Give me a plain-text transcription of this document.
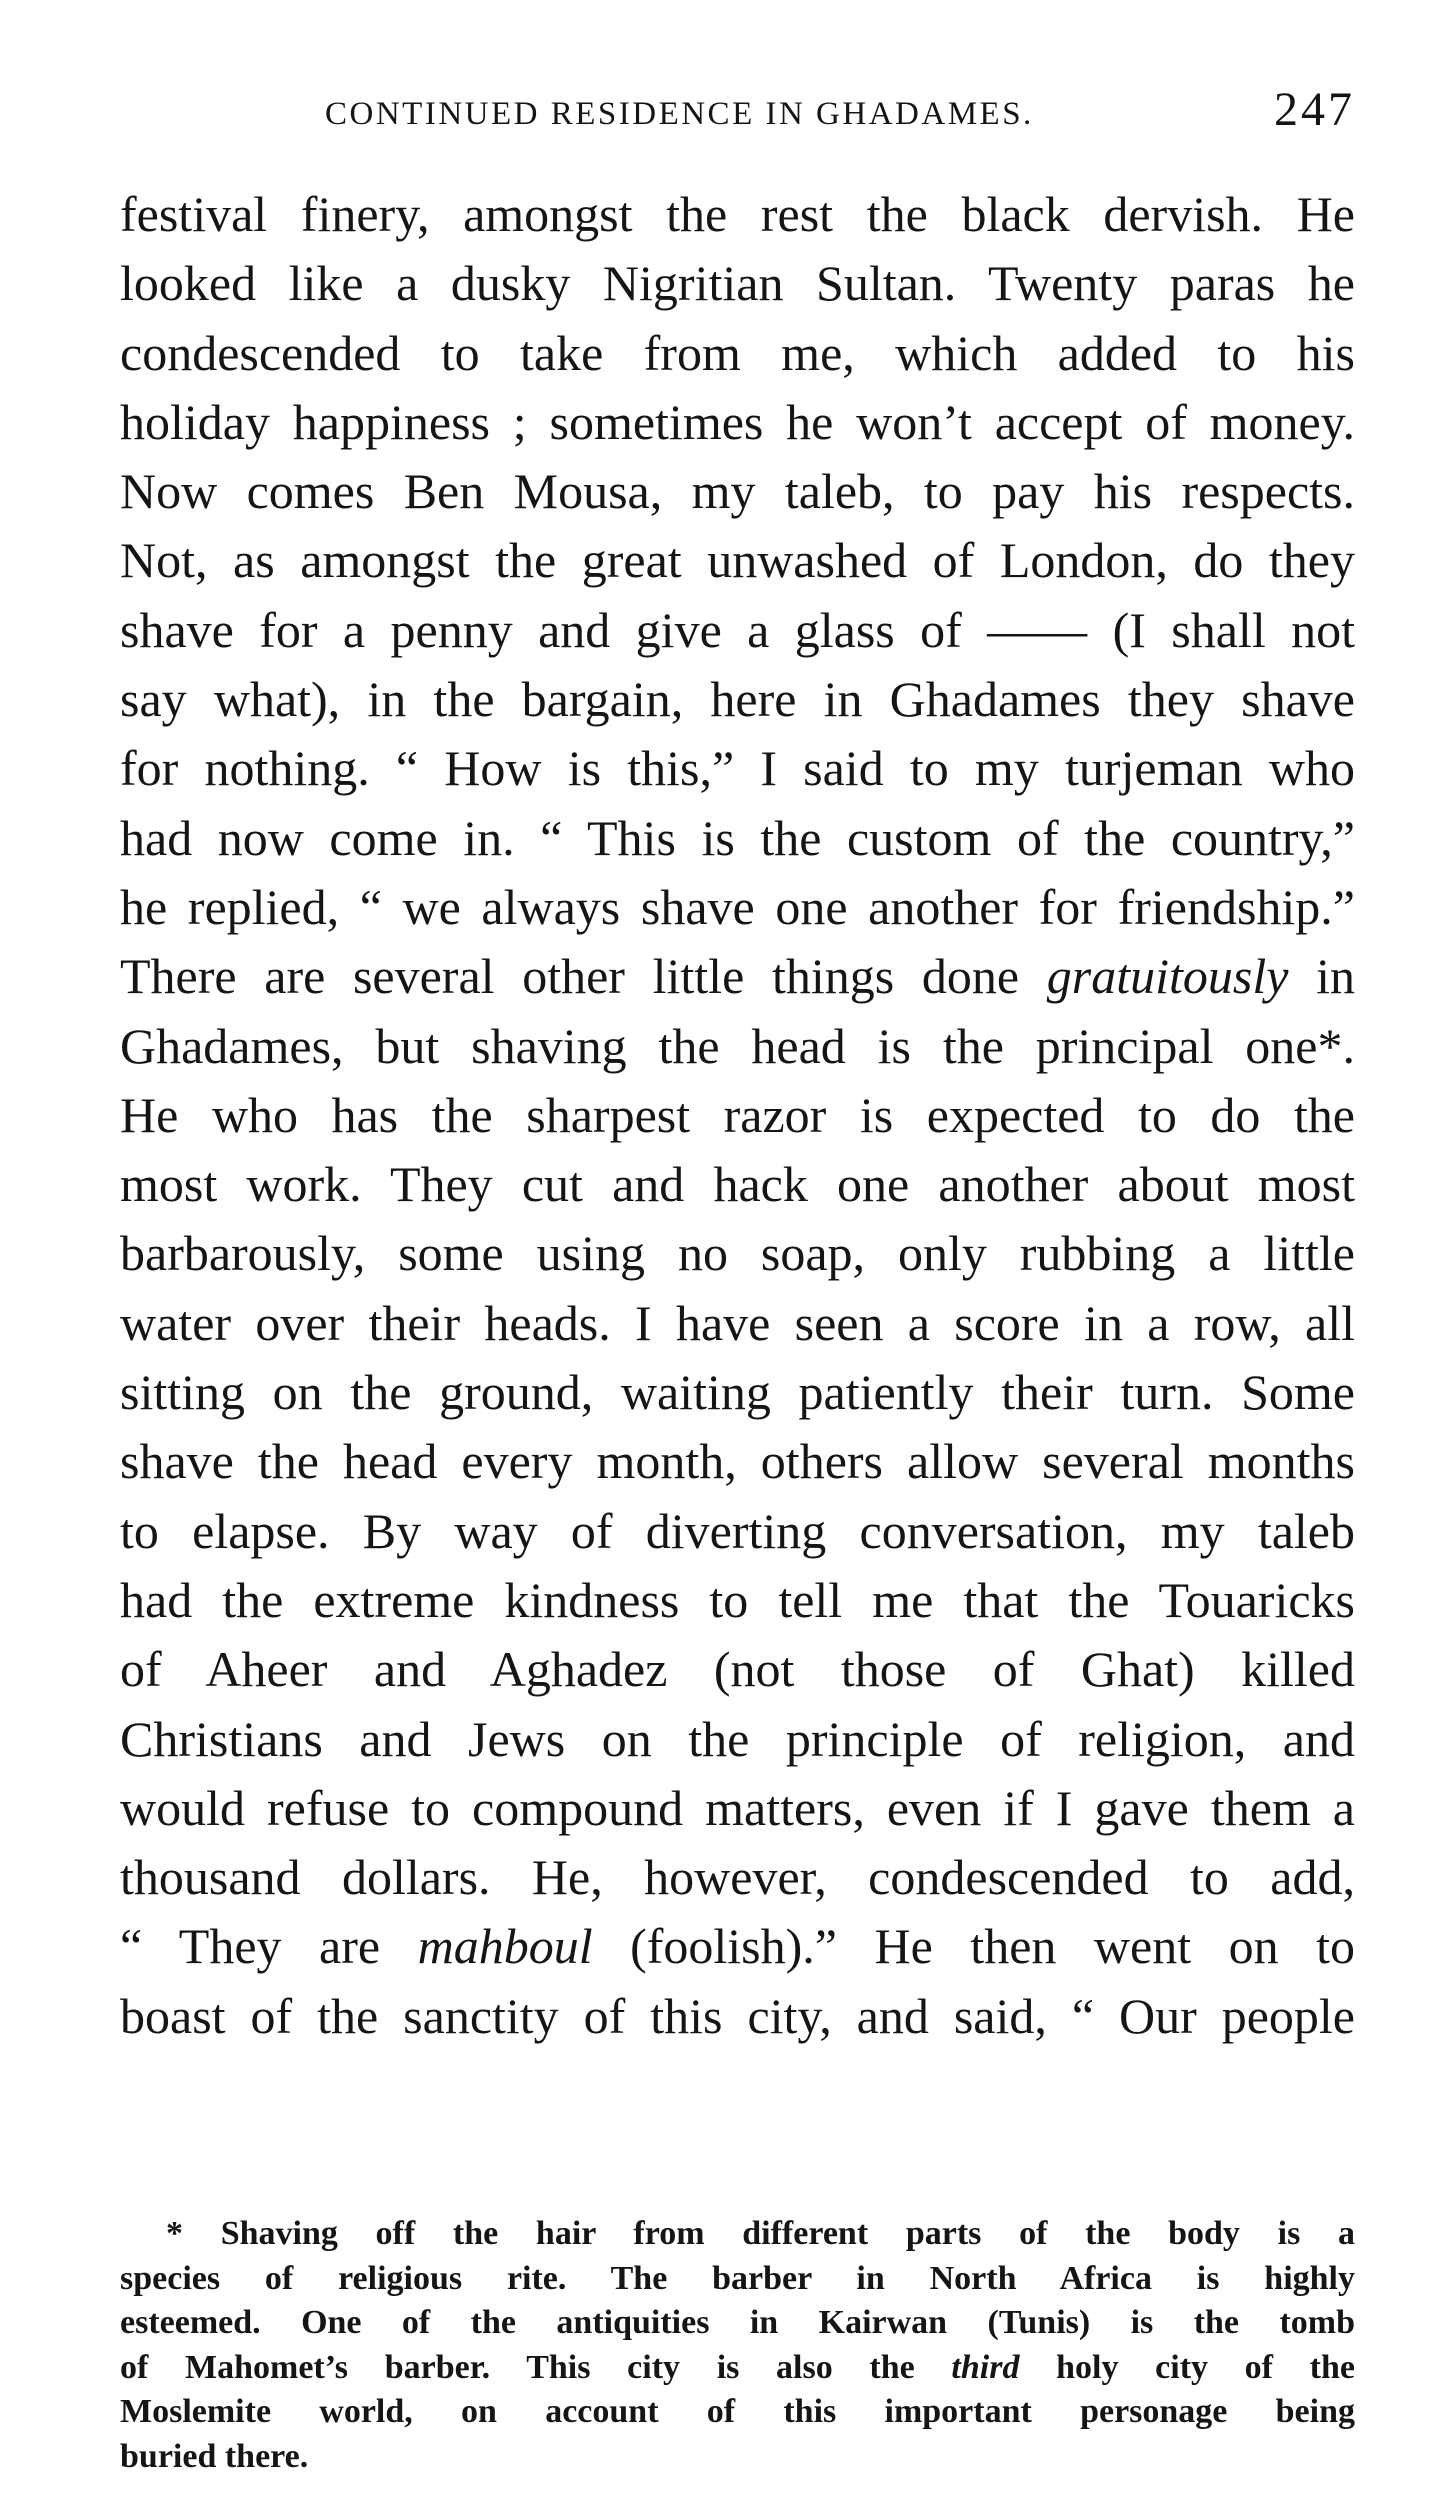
CONTINUED RESIDENCE IN GHADAMES.	247
festival finery, amongst the rest the black dervish. He
looked like a dusky Nigritian Sultan. Twenty paras he
condescended to take from me, which added to his
holiday happiness ; sometimes he won’t accept of money.
Now comes Ben Mousa, my taleb, to pay his respects.
Not, as amongst the great unwashed of London, do they
shave for a penny and give a glass of —— (I shall not
say what), in the bargain, here in Ghadames they shave
for nothing. “ How is this,” I said to my turjeman who
had now come in. “ This is the custom of the country,”
he replied, “ we always shave one another for friendship.”
There are several other little things done gratuitously in
Ghadames, but shaving the head is the principal one*.
He who has the sharpest razor is expected to do the
most work. They cut and hack one another about most
barbarously, some using no soap, only rubbing a little
water over their heads. I have seen a score in a row, all
sitting on the ground, waiting patiently their turn. Some
shave the head every month, others allow several months
to elapse. By way of diverting conversation, my taleb
had the extreme kindness to tell me that the Touaricks
of Aheer and Aghadez (not those of Ghat) killed
Christians and Jews on the principle of religion, and
would refuse to compound matters, even if I gave them a
thousand dollars. He, however, condescended to add,
“ They are mahboul (foolish).” He then went on to
boast of the sanctity of this city, and said, “ Our people
* Shaving off the hair from different parts of the body is a
species of religious rite. The barber in North Africa is highly
esteemed. One of the antiquities in Kairwan (Tunis) is the tomb
of Mahomet’s barber. This city is also the third holy city of the
Moslemite world, on account of this important personage being
buried there.
